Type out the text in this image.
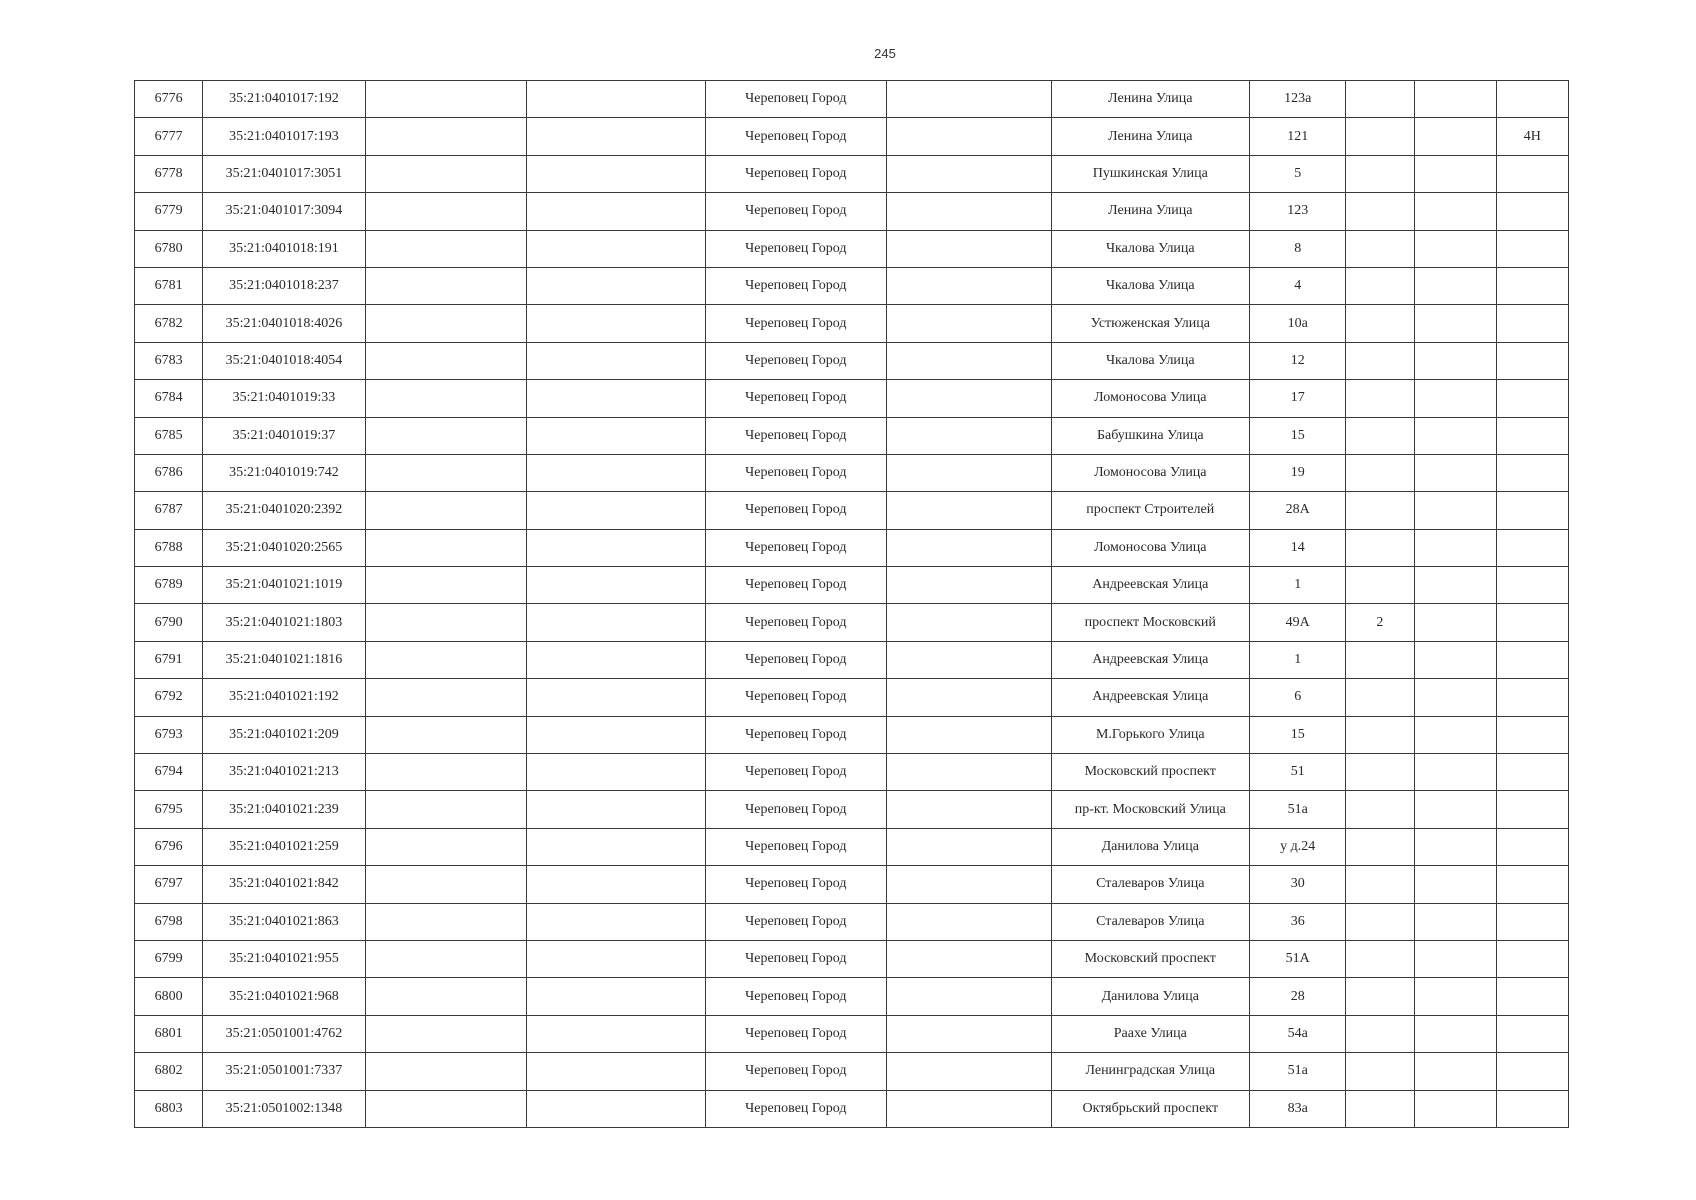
245
6776	35:21:0401017:192			Череповец Город		Ленина Улица	123а			
6777	35:21:0401017:193			Череповец Город		Ленина Улица	121			4Н
6778	35:21:0401017:3051			Череповец Город		Пушкинская Улица	5			
6779	35:21:0401017:3094			Череповец Город		Ленина Улица	123			
6780	35:21:0401018:191			Череповец Город		Чкалова Улица	8			
6781	35:21:0401018:237			Череповец Город		Чкалова Улица	4			
6782	35:21:0401018:4026			Череповец Город		Устюженская Улица	10а			
6783	35:21:0401018:4054			Череповец Город		Чкалова Улица	12			
6784	35:21:0401019:33			Череповец Город		Ломоносова Улица	17			
6785	35:21:0401019:37			Череповец Город		Бабушкина Улица	15			
6786	35:21:0401019:742			Череповец Город		Ломоносова Улица	19			
6787	35:21:0401020:2392			Череповец Город		проспект Строителей	28А			
6788	35:21:0401020:2565			Череповец Город		Ломоносова Улица	14			
6789	35:21:0401021:1019			Череповец Город		Андреевская Улица	1			
6790	35:21:0401021:1803			Череповец Город		проспект Московский	49А	2		
6791	35:21:0401021:1816			Череповец Город		Андреевская Улица	1			
6792	35:21:0401021:192			Череповец Город		Андреевская Улица	6			
6793	35:21:0401021:209			Череповец Город		М.Горького Улица	15			
6794	35:21:0401021:213			Череповец Город		Московский проспект	51			
6795	35:21:0401021:239			Череповец Город		пр-кт. Московский Улица	51а			
6796	35:21:0401021:259			Череповец Город		Данилова Улица	у д.24			
6797	35:21:0401021:842			Череповец Город		Сталеваров Улица	30			
6798	35:21:0401021:863			Череповец Город		Сталеваров Улица	36			
6799	35:21:0401021:955			Череповец Город		Московский проспект	51А			
6800	35:21:0401021:968			Череповец Город		Данилова Улица	28			
6801	35:21:0501001:4762			Череповец Город		Раахе Улица	54а			
6802	35:21:0501001:7337			Череповец Город		Ленинградская Улица	51а			
6803	35:21:0501002:1348			Череповец Город		Октябрьский проспект	83а			
